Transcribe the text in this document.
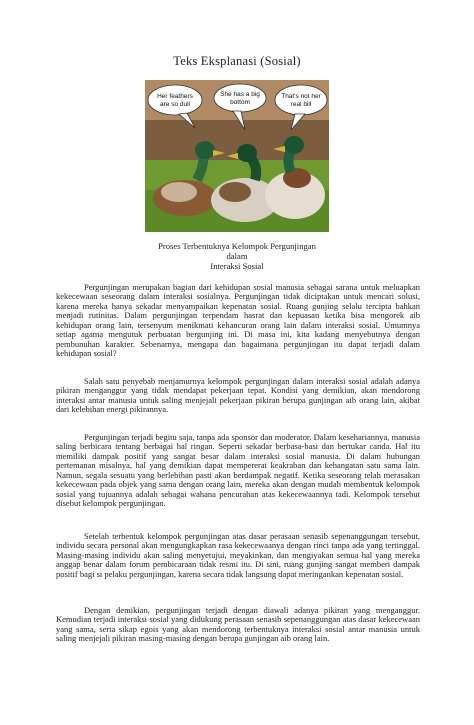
Teks Eksplanasi (Sosial)
Her feathers
are so dull
She has a big
bottom
That's not her
real bill
Proses Terbentuknya Kelompok Pergunjingan
dalam
Interaksi Sosial

Pergunjingan merupakan bagian dari kehidupan sosial manusia sebagai sarana untuk meluapkan kekecewaan seseorang dalam interaksi sosialnya. Pergunjingan tidak diciptakan untuk mencari solusi, karena mereka hanya sekadar menyampaikan kepenatan sosial. Ruang gunjing selalu tercipta bahkan menjadi rutinitas. Dalam pergunjingan terpendam hasrat dan kepuasan ketika bisa mengorek aib kehidupan orang lain, tersenyum menikmati kehancuran orang lain dalam interaksi sosial. Umumnya setiap agama mengutuk perbuatan bergunjing ini. Di masa ini, kita kadang menyebutnya dengan pembunuhan karakter. Sebenarnya, mengapa dan bagaimana pergunjingan itu dapat terjadi dalam kehidupan sosial?

Salah satu penyebab menjamurnya kelompok pergunjingan dalam interaksi sosial adalah adanya pikiran menganggur yang tidak mendapat pekerjaan tepat. Kondisi yang demikian, akan mendorong interaksi antar manusia untuk saling menjejali pekerjaan pikiran berupa gunjingan aib orang lain, akibat dari kelebihan energi pikirannya.

Pergunjingan terjadi begitu saja, tanpa ada sponsor dan moderator. Dalam kesehariannya, manusia saling berbicara tentang berbagai hal ringan. Seperti sekadar berbasa-basi dan bertukar canda. Hal itu memiliki dampak positif yang sangat besar dalam interaksi sosial manusia. Di dalam hubungan pertemanan misalnya, hal yang demikian dapat mempererat keakraban dan kehangatan satu sama lain. Namun, segala sesuatu yang berlebihan pasti akan berdampak negatif. Ketika seseorang telah merasakan kekecewaan pada objek yang sama dengan orang lain, mereka akan dengan mudah membentuk kelompok sosial yang tujuannya adalah sebagai wahana pencurahan atas kekecewaannya tadi. Kelompok tersebut disebut kelompok pergunjingan.

Setelah terbentuk kelompok pergunjingan atas dasar perasaan senasib sepenanggungan tersebut, individu secara personal akan mengungkapkan rasa kekecewaanya dengan rinci tanpa ada yang tertinggal. Masing-masing individu akan saling menyetujui, meyakinkan, dan mengiyakan semua hal yang mereka anggap benar dalam forum pembicaraan tidak resmi itu. Di sini, ruang gunjing sangat memberi dampak positif bagi si pelaku pergunjingan, karena secara tidak langsung dapat meringankan kepenatan sosial.

Dengan demikian, pergunjingan terjadi dengan diawali adanya pikiran yang menganggur. Kemudian terjadi interaksi sosial yang didukung perasaan senasib sepenanggungan atas dasar kekecewaan yang sama, serta sikap egois yang akan mendorong terbentuknya interaksi sosial antar manusia untuk saling menjejali pikiran masing-masing dengan berupa gunjingan aib orang lain.
